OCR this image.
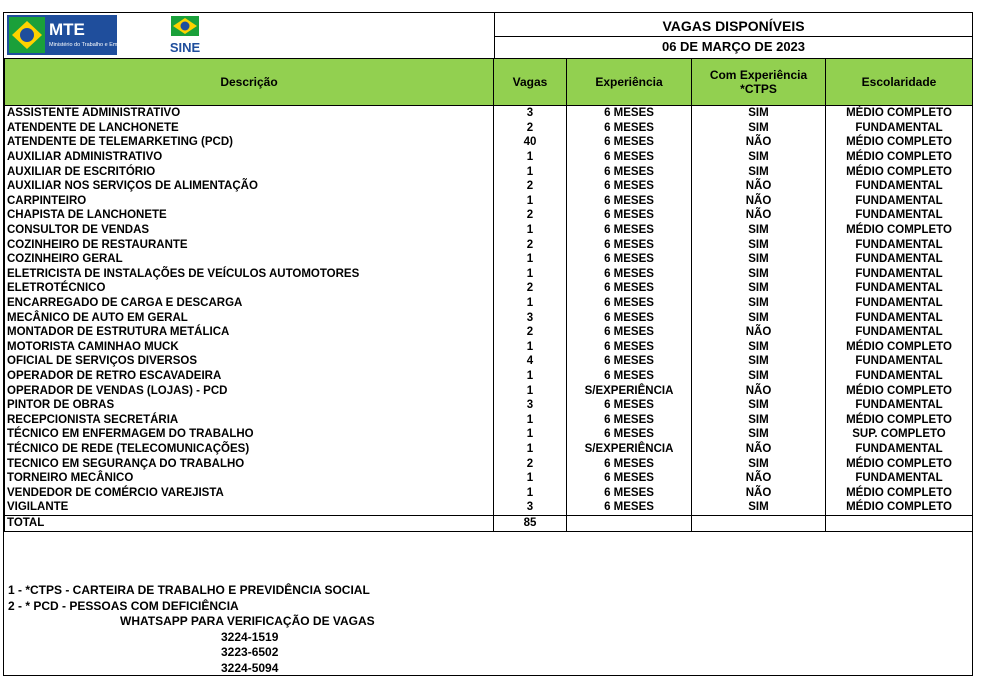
MTE
Ministério do Trabalho e Emprego	SINE
VAGAS DISPONÍVEIS
06 DE MARÇO DE 2023
Descrição	Vagas	Experiência	Com Experiência *CTPS	Escolaridade
ASSISTENTE ADMINISTRATIVO	3	6 MESES	SIM	MÉDIO COMPLETO
ATENDENTE DE LANCHONETE	2	6 MESES	SIM	FUNDAMENTAL
ATENDENTE DE TELEMARKETING (PCD)	40	6 MESES	NÃO	MÉDIO COMPLETO
AUXILIAR ADMINISTRATIVO	1	6 MESES	SIM	MÉDIO COMPLETO
AUXILIAR DE ESCRITÓRIO	1	6 MESES	SIM	MÉDIO COMPLETO
AUXILIAR NOS SERVIÇOS DE ALIMENTAÇÃO	2	6 MESES	NÃO	FUNDAMENTAL
CARPINTEIRO	1	6 MESES	NÃO	FUNDAMENTAL
CHAPISTA DE LANCHONETE	2	6 MESES	NÃO	FUNDAMENTAL
CONSULTOR DE VENDAS	1	6 MESES	SIM	MÉDIO COMPLETO
COZINHEIRO DE RESTAURANTE	2	6 MESES	SIM	FUNDAMENTAL
COZINHEIRO GERAL	1	6 MESES	SIM	FUNDAMENTAL
ELETRICISTA DE INSTALAÇÕES DE VEÍCULOS AUTOMOTORES	1	6 MESES	SIM	FUNDAMENTAL
ELETROTÉCNICO	2	6 MESES	SIM	FUNDAMENTAL
ENCARREGADO DE CARGA E DESCARGA	1	6 MESES	SIM	FUNDAMENTAL
MECÂNICO DE AUTO EM GERAL	3	6 MESES	SIM	FUNDAMENTAL
MONTADOR DE ESTRUTURA METÁLICA	2	6 MESES	NÃO	FUNDAMENTAL
MOTORISTA CAMINHAO MUCK	1	6 MESES	SIM	MÉDIO COMPLETO
OFICIAL DE SERVIÇOS DIVERSOS	4	6 MESES	SIM	FUNDAMENTAL
OPERADOR DE RETRO ESCAVADEIRA	1	6 MESES	SIM	FUNDAMENTAL
OPERADOR DE VENDAS (LOJAS) - PCD	1	S/EXPERIÊNCIA	NÃO	MÉDIO COMPLETO
PINTOR DE OBRAS	3	6 MESES	SIM	FUNDAMENTAL
RECEPCIONISTA SECRETÁRIA	1	6 MESES	SIM	MÉDIO COMPLETO
TÉCNICO EM ENFERMAGEM DO TRABALHO	1	6 MESES	SIM	SUP. COMPLETO
TÉCNICO DE REDE (TELECOMUNICAÇÕES)	1	S/EXPERIÊNCIA	NÃO	FUNDAMENTAL
TECNICO EM SEGURANÇA DO TRABALHO	2	6 MESES	SIM	MÉDIO COMPLETO
TORNEIRO MECÂNICO	1	6 MESES	NÃO	FUNDAMENTAL
VENDEDOR DE COMÉRCIO VAREJISTA	1	6 MESES	NÃO	MÉDIO COMPLETO
VIGILANTE	3	6 MESES	SIM	MÉDIO COMPLETO
TOTAL	85			
1 - *CTPS - CARTEIRA DE TRABALHO E PREVIDÊNCIA SOCIAL
2 - * PCD - PESSOAS COM DEFICIÊNCIA
WHATSAPP PARA VERIFICAÇÃO DE VAGAS
3224-1519
3223-6502
3224-5094
